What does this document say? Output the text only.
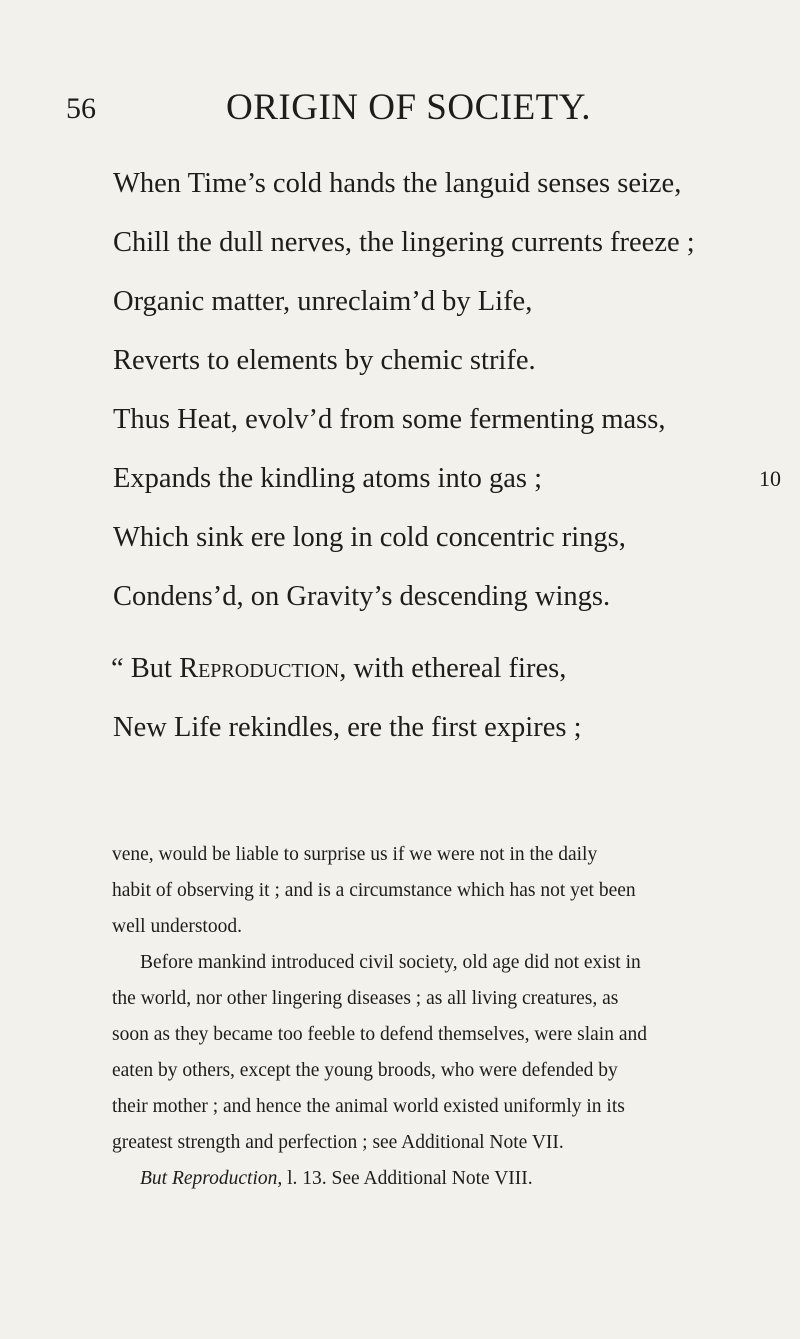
56	ORIGIN OF SOCIETY.
When Time’s cold hands the languid senses seize,
Chill the dull nerves, the lingering currents freeze ;
Organic matter, unreclaim’d by Life,
Reverts to elements by chemic strife.
Thus Heat, evolv’d from some fermenting mass,
Expands the kindling atoms into gas ;	10
Which sink ere long in cold concentric rings,
Condens’d, on Gravity’s descending wings.
“ But Reproduction, with ethereal fires,
New Life rekindles, ere the first expires ;
vene, would be liable to surprise us if we were not in the daily
habit of observing it ; and is a circumstance which has not yet been
well understood.
Before mankind introduced civil society, old age did not exist in
the world, nor other lingering diseases ; as all living creatures, as
soon as they became too feeble to defend themselves, were slain and
eaten by others, except the young broods, who were defended by
their mother ; and hence the animal world existed uniformly in its
greatest strength and perfection ; see Additional Note VII.
But Reproduction, l. 13. See Additional Note VIII.
